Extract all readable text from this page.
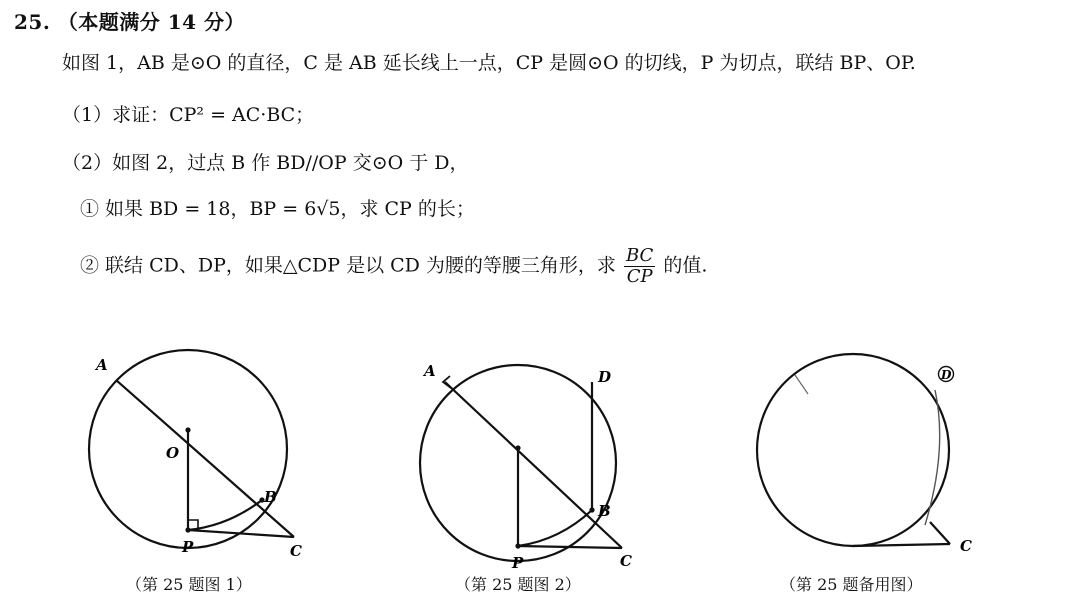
25. （本题满分 14 分）
如图 1，AB 是⊙O 的直径，C 是 AB 延长线上一点，CP 是圆⊙O 的切线，P 为切点，联结 BP、OP.
（1）求证：CP² = AC·BC；
（2）如图 2，过点 B 作 BD//OP 交⊙O 于 D，
① 如果 BD = 18，BP = 6√5，求 CP 的长；
② 联结 CD、DP，如果△CDP 是以 CD 为腰的等腰三角形，求 $\frac{BC}{CP}$ 的值.
A
O
B
P	C
A	D
B
P	C
D
C
（第 25 题图 1）	（第 25 题图 2）	（第 25 题备用图）
